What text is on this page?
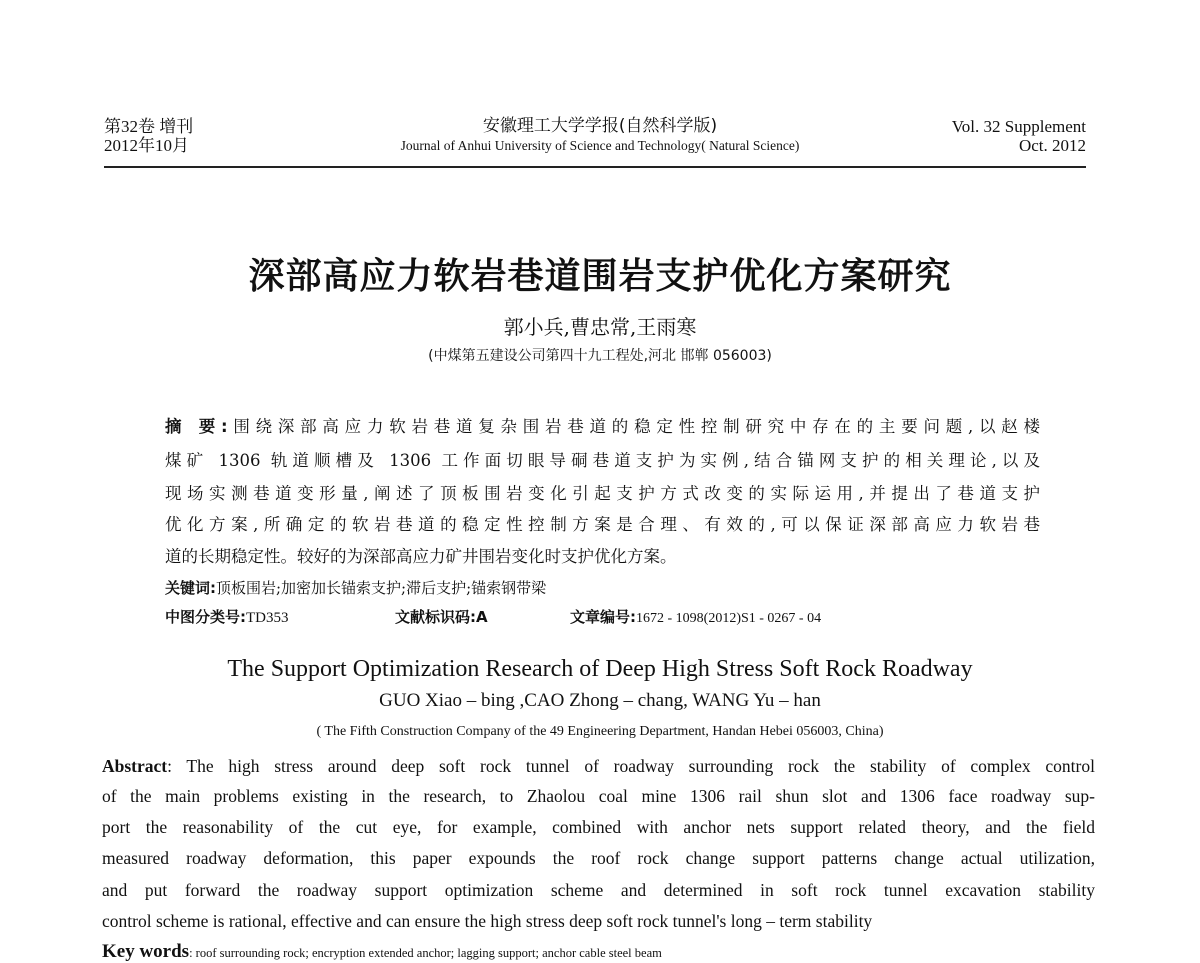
第32卷 增刊
2012年10月
安徽理工大学学报(自然科学版)
Journal of Anhui University of Science and Technology( Natural Science)
Vol. 32 Supplement
Oct. 2012
深部高应力软岩巷道围岩支护优化方案研究
郭小兵,曹忠常,王雨寒
(中煤第五建设公司第四十九工程处,河北 邯郸 056003)
摘 要:围绕深部高应力软岩巷道复杂围岩巷道的稳定性控制研究中存在的主要问题,以赵楼
煤矿 1306 轨道顺槽及 1306 工作面切眼导硐巷道支护为实例,结合锚网支护的相关理论,以及
现场实测巷道变形量,阐述了顶板围岩变化引起支护方式改变的实际运用,并提出了巷道支护
优化方案,所确定的软岩巷道的稳定性控制方案是合理、有效的,可以保证深部高应力软岩巷
道的长期稳定性。较好的为深部高应力矿井围岩变化时支护优化方案。
关键词:顶板围岩;加密加长锚索支护;滞后支护;锚索钢带梁
中图分类号:TD353	文献标识码:A	文章编号:1672 - 1098(2012)S1 - 0267 - 04
The Support Optimization Research of Deep High Stress Soft Rock Roadway
GUO Xiao – bing ,CAO Zhong – chang, WANG Yu – han
( The Fifth Construction Company of the 49 Engineering Department, Handan Hebei 056003, China)
Abstract: The high stress around deep soft rock tunnel of roadway surrounding rock the stability of complex control
of the main problems existing in the research, to Zhaolou coal mine 1306 rail shun slot and 1306 face roadway sup-
port the reasonability of the cut eye, for example, combined with anchor nets support related theory, and the field
measured roadway deformation, this paper expounds the roof rock change support patterns change actual utilization,
and put forward the roadway support optimization scheme and determined in soft rock tunnel excavation stability
control scheme is rational, effective and can ensure the high stress deep soft rock tunnel's long – term stability
Key words: roof surrounding rock; encryption extended anchor; lagging support; anchor cable steel beam
